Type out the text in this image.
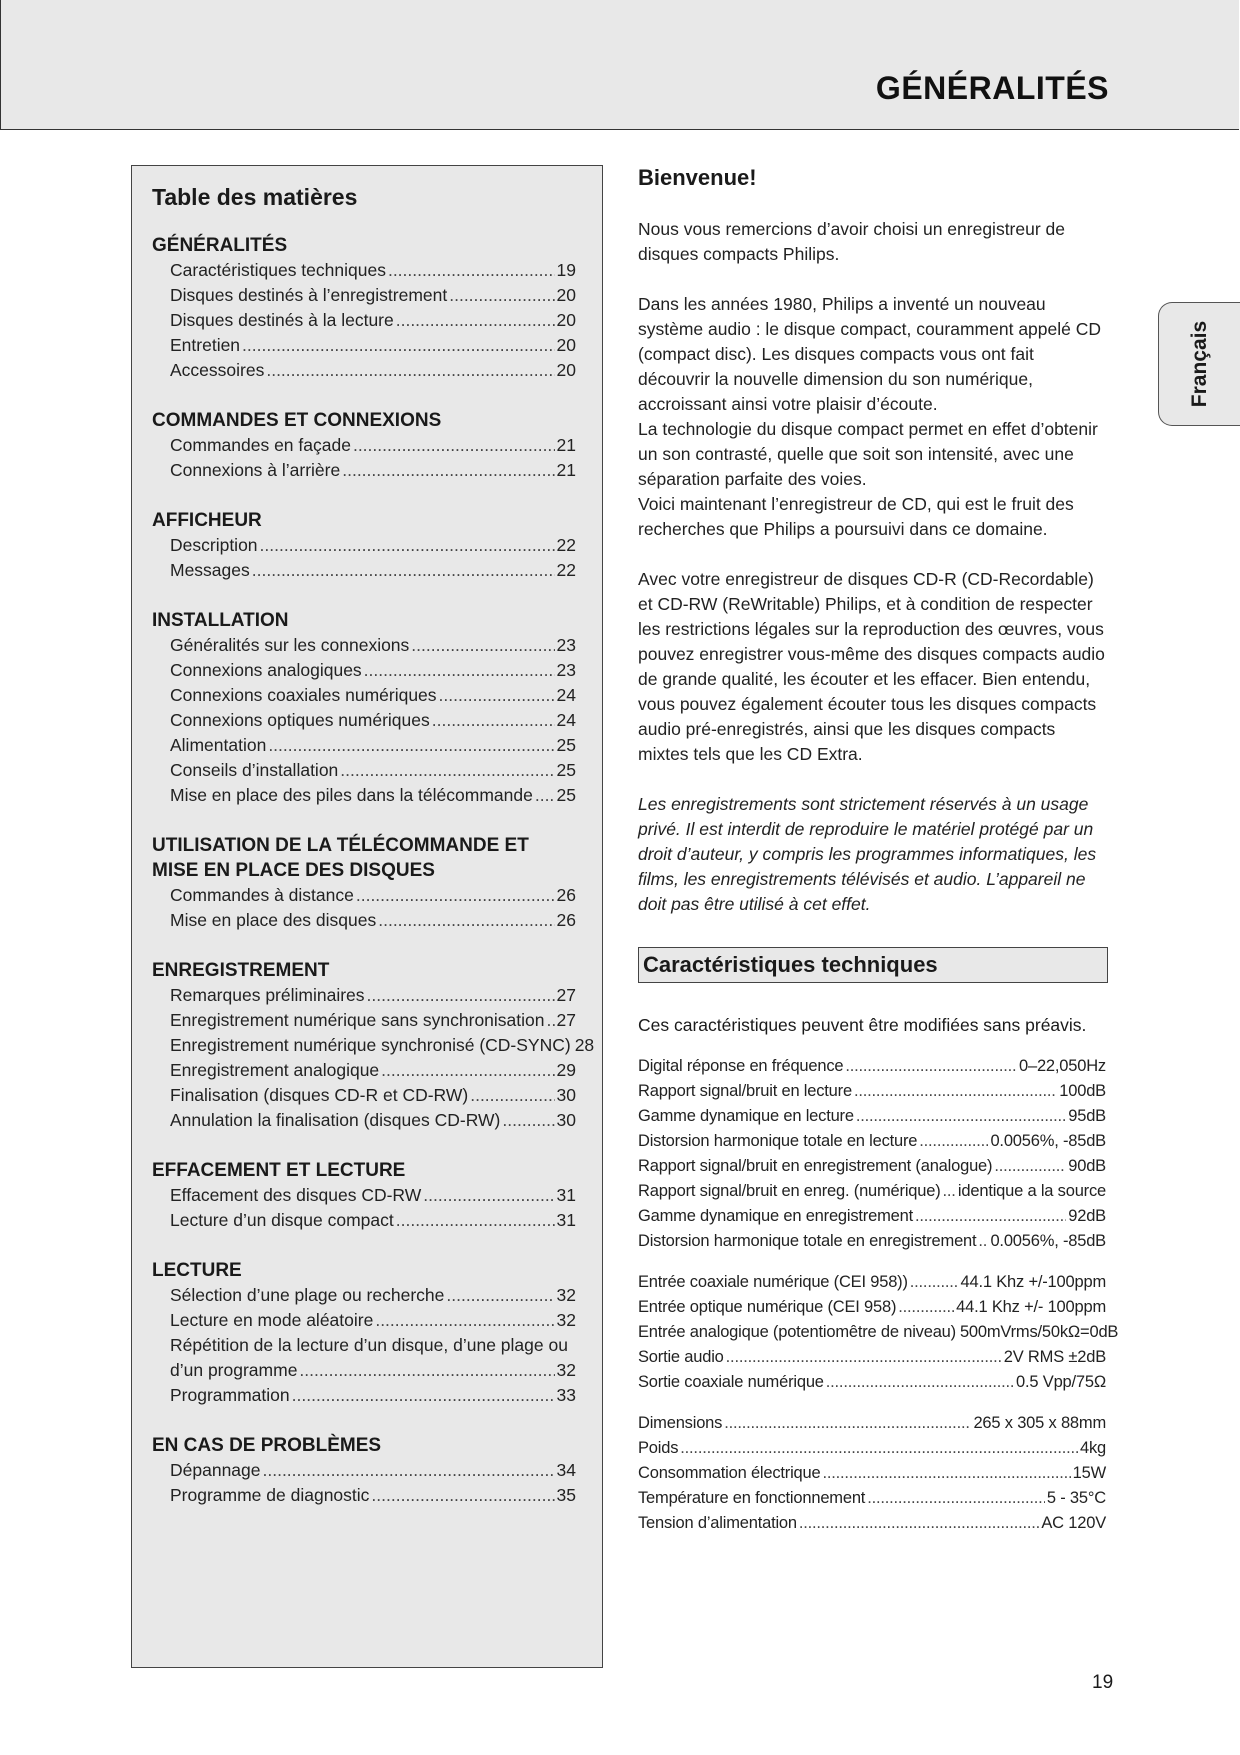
GÉNÉRALITÉS
Français
Table des matières
GÉNÉRALITÉS
Caractéristiques techniques .....	19
Disques destinés à l’enregistrement .....	20
Disques destinés à la lecture .....	20
Entretien .....	20
Accessoires .....	20
COMMANDES ET CONNEXIONS
Commandes en façade .....	21
Connexions à l’arrière .....	21
AFFICHEUR
Description .....	22
Messages .....	22
INSTALLATION
Généralités sur les connexions .....	23
Connexions analogiques .....	23
Connexions coaxiales numériques .....	24
Connexions optiques numériques .....	24
Alimentation .....	25
Conseils d’installation .....	25
Mise en place des piles dans la télécommande ..... 25
UTILISATION DE LA TÉLÉCOMMANDE ET MISE EN PLACE DES DISQUES
Commandes à distance .....	26
Mise en place des disques .....	26
ENREGISTREMENT
Remarques préliminaires .....	27
Enregistrement numérique sans synchronisation ..... 27
Enregistrement numérique synchronisé (CD-SYNC) 28
Enregistrement analogique .....	29
Finalisation (disques CD-R et CD-RW) .....	30
Annulation la finalisation (disques CD-RW) .....	30
EFFACEMENT ET LECTURE
Effacement des disques CD-RW .....	31
Lecture d’un disque compact .....	31
LECTURE
Sélection d’une plage ou recherche .....	32
Lecture en mode aléatoire .....	32
Répétition de la lecture d’un disque, d’une plage ou
d’un programme .....	32
Programmation .....	33
EN CAS DE PROBLÈMES
Dépannage .....	34
Programme de diagnostic .....	35
Bienvenue!

Nous vous remercions d’avoir choisi un enregistreur de disques compacts Philips.

Dans les années 1980, Philips a inventé un nouveau système audio : le disque compact, couramment appelé CD (compact disc). Les disques compacts vous ont fait découvrir la nouvelle dimension du son numérique, accroissant ainsi votre plaisir d’écoute.

La technologie du disque compact permet en effet d’obtenir un son contrasté, quelle que soit son intensité, avec une séparation parfaite des voies.

Voici maintenant l’enregistreur de CD, qui est le fruit des recherches que Philips a poursuivi dans ce domaine.

Avec votre enregistreur de disques CD-R (CD-Recordable) et CD-RW (ReWritable) Philips, et à condition de respecter les restrictions légales sur la reproduction des œuvres, vous pouvez enregistrer vous-même des disques compacts audio de grande qualité, les écouter et les effacer. Bien entendu, vous pouvez également écouter tous les disques compacts audio pré-enregistrés, ainsi que les disques compacts mixtes tels que les CD Extra.

Les enregistrements sont strictement réservés à un usage privé. Il est interdit de reproduire le matériel protégé par un droit d’auteur, y compris les programmes informatiques, les films, les enregistrements télévisés et audio. L’appareil ne doit pas être utilisé à cet effet.

Caractéristiques techniques
Ces caractéristiques peuvent être modifiées sans préavis.
Digital réponse en fréquence .....	0–22,050Hz
Rapport signal/bruit en lecture .....	100dB
Gamme dynamique en lecture .....	95dB
Distorsion harmonique totale en lecture .....	0.0056%, -85dB
Rapport signal/bruit en enregistrement (analogue) .....	90dB
Rapport signal/bruit en enreg. (numérique) ..... identique a la source
Gamme dynamique en enregistrement .....	92dB
Distorsion harmonique totale en enregistrement ..... 0.0056%, -85dB
Entrée coaxiale numérique (CEI 958)) .....	44.1 Khz +/-100ppm
Entrée optique numérique (CEI 958) .....	44.1 Khz +/- 100ppm
Entrée analogique (potentiomêtre de niveau) 500mVrms/50kΩ=0dB
Sortie audio .....	2V RMS ±2dB
Sortie coaxiale numérique .....	0.5 Vpp/75Ω
Dimensions .....	265 x 305 x 88mm
Poids .....	4kg
Consommation électrique .....	15W
Température en fonctionnement .....	5 - 35°C
Tension d’alimentation .....	AC 120V
19
